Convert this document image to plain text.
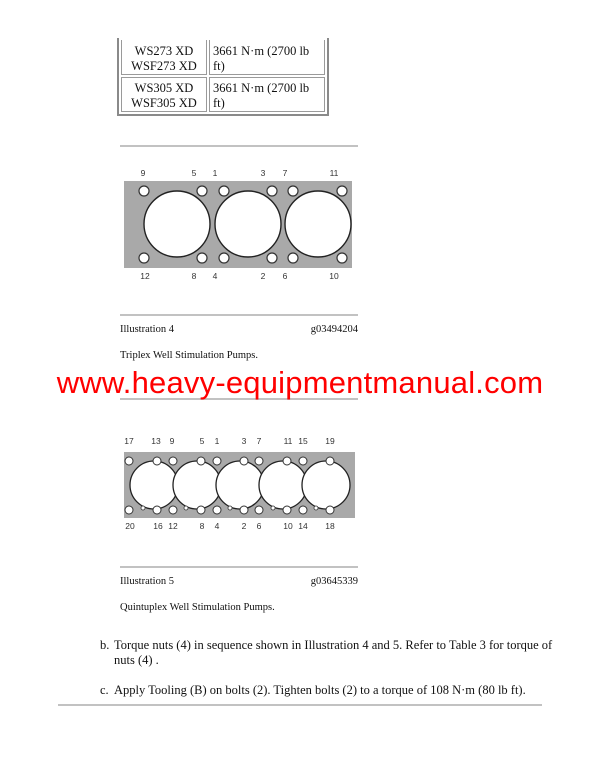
WS273 XD
WSF273 XD	3661 N·m (2700 lb ft)

WS305 XD
WSF305 XD	3661 N·m (2700 lb ft)
9	5 1	3 7	11
12	8 4	2 6	10
Illustration 4	g03494204
Triplex Well Stimulation Pumps.
www.heavy-equipmentmanual.com
17 13 9	5 1	3 7	11 15 19
20 16 12	8 4	2 6	10 14 18
Illustration 5	g03645339
Quintuplex Well Stimulation Pumps.
b. Torque nuts (4) in sequence shown in Illustration 4 and 5. Refer to Table 3 for torque of nuts (4) .
c. Apply Tooling (B) on bolts (2). Tighten bolts (2) to a torque of 108 N·m (80 lb ft).
